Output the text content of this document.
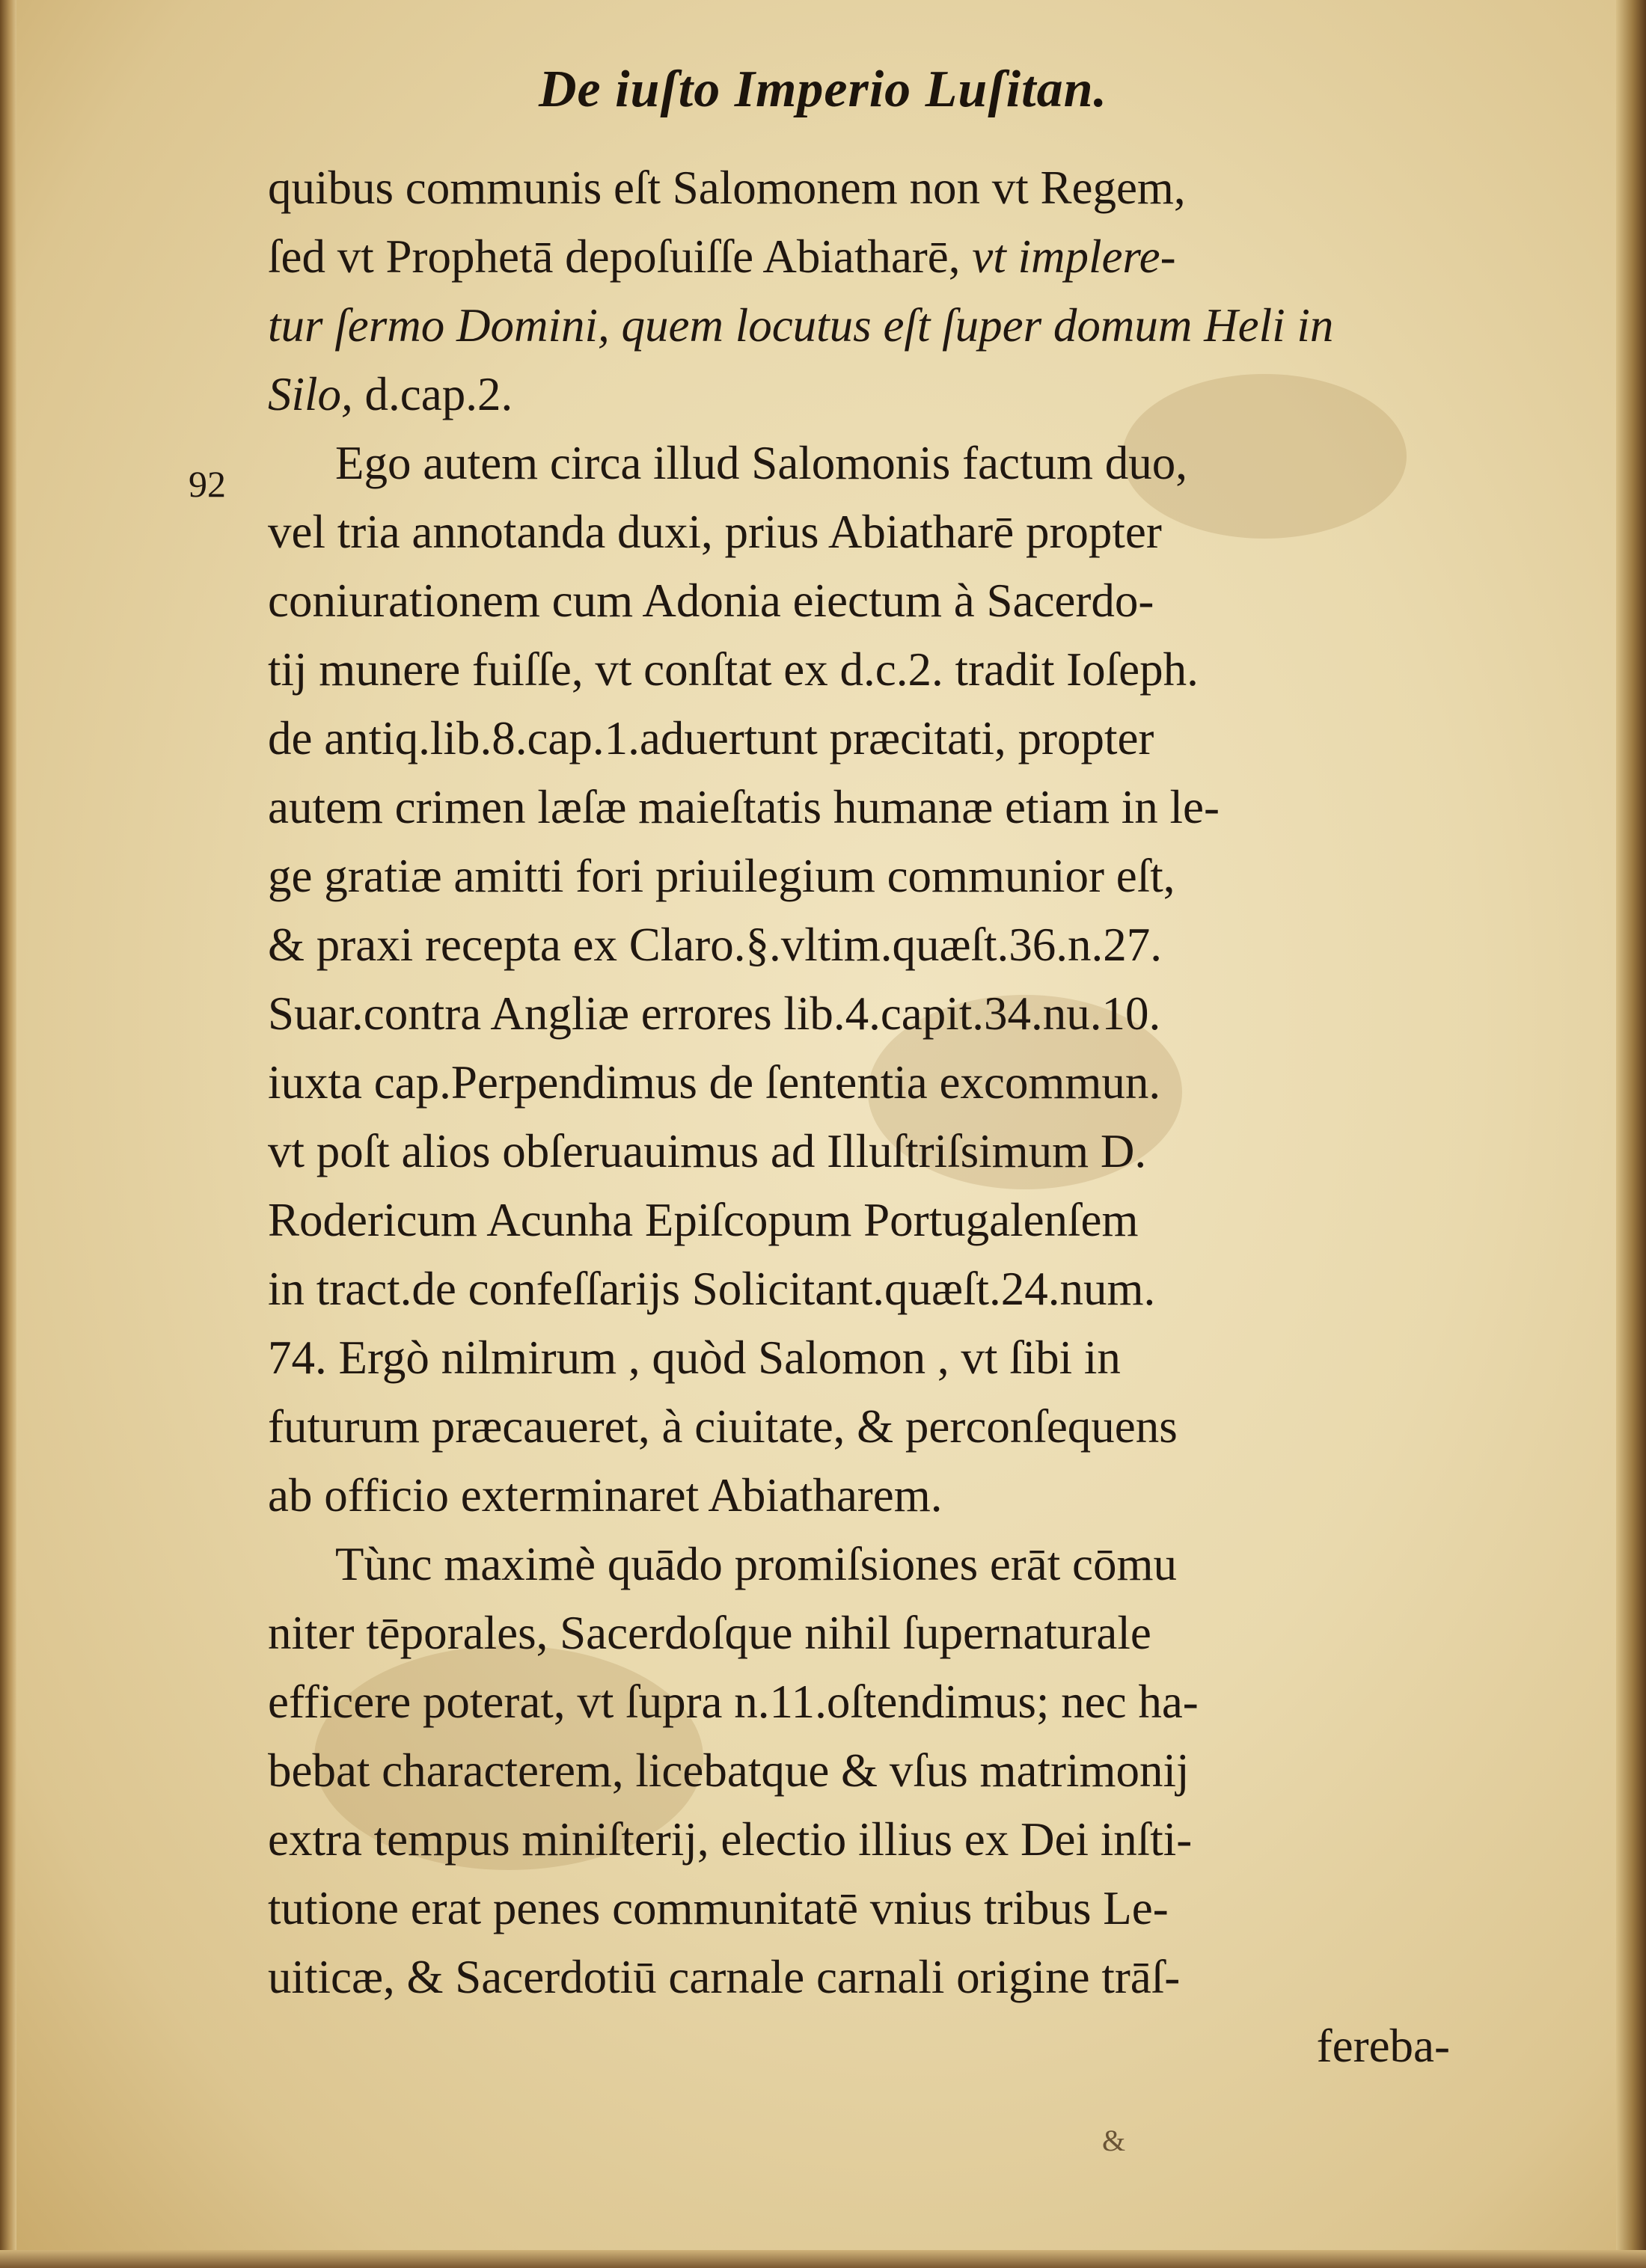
De iuſto Imperio Luſitan.
92
quibus communis eſt Salomonem non vt Regem,
ſed vt Prophetā depoſuiſſe Abiatharē, vt implere-
tur ſermo Domini, quem locutus eſt ſuper domum Heli in
Silo, d.cap.2.
Ego autem circa illud Salomonis factum duo,
vel tria annotanda duxi, prius Abiatharē propter
coniurationem cum Adonia eiectum à Sacerdo-
tij munere fuiſſe, vt conſtat ex d.c.2. tradit Ioſeph.
de antiq.lib.8.cap.1.aduertunt præcitati, propter
autem crimen læſæ maieſtatis humanæ etiam in le-
ge gratiæ amitti fori priuilegium communior eſt,
& praxi recepta ex Claro.§.vltim.quæſt.36.n.27.
Suar.contra Angliæ errores lib.4.capit.34.nu.10.
iuxta cap.Perpendimus de ſententia excommun.
vt poſt alios obſeruauimus ad Illuſtriſsimum D.
Rodericum Acunha Epiſcopum Portugalenſem
in tract.de confeſſarijs Solicitant.quæſt.24.num.
74. Ergò nilmirum , quòd Salomon , vt ſibi in
futurum præcaueret, à ciuitate, & perconſequens
ab officio exterminaret Abiatharem.
Tùnc maximè quādo promiſsiones erāt cōmu
niter tēporales, Sacerdoſque nihil ſupernaturale
efficere poterat, vt ſupra n.11.oſtendimus; nec ha-
bebat characterem, licebatque & vſus matrimonij
extra tempus miniſterij, electio illius ex Dei inſti-
tutione erat penes communitatē vnius tribus Le-
uiticæ, & Sacerdotiū carnale carnali origine trāſ-
fereba-
&
